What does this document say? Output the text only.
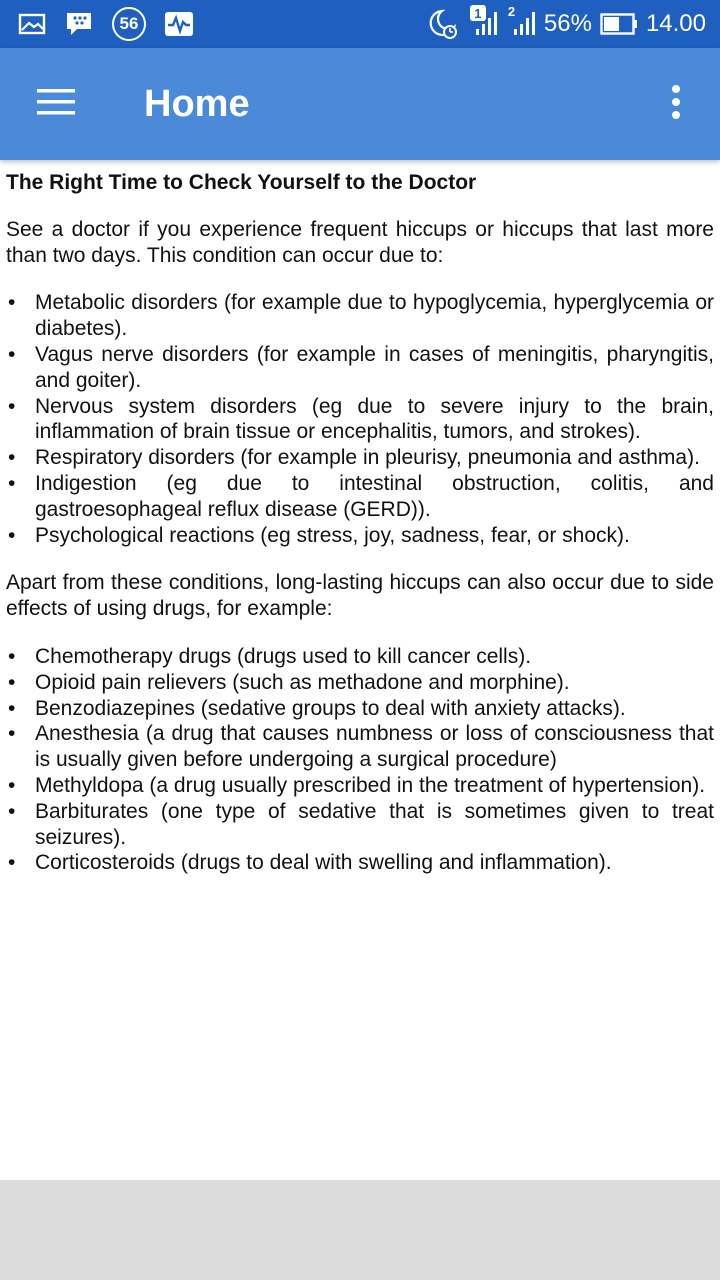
56
1	2 56% 14.00
Home
The Right Time to Check Yourself to the Doctor

See a doctor if you experience frequent hiccups or hiccups that last more than two days. This condition can occur due to:

• Metabolic disorders (for example due to hypoglycemia, hyperglycemia or diabetes).
• Vagus nerve disorders (for example in cases of meningitis, pharyngitis, and goiter).
• Nervous system disorders (eg due to severe injury to the brain, inflammation of brain tissue or encephalitis, tumors, and strokes).
• Respiratory disorders (for example in pleurisy, pneumonia and asthma).
• Indigestion (eg due to intestinal obstruction, colitis, and gastroesophageal reflux disease (GERD)).
• Psychological reactions (eg stress, joy, sadness, fear, or shock).

Apart from these conditions, long-lasting hiccups can also occur due to side effects of using drugs, for example:

• Chemotherapy drugs (drugs used to kill cancer cells).
• Opioid pain relievers (such as methadone and morphine).
• Benzodiazepines (sedative groups to deal with anxiety attacks).
• Anesthesia (a drug that causes numbness or loss of consciousness that is usually given before undergoing a surgical procedure)
• Methyldopa (a drug usually prescribed in the treatment of hypertension).
• Barbiturates (one type of sedative that is sometimes given to treat seizures).
• Corticosteroids (drugs to deal with swelling and inflammation).
